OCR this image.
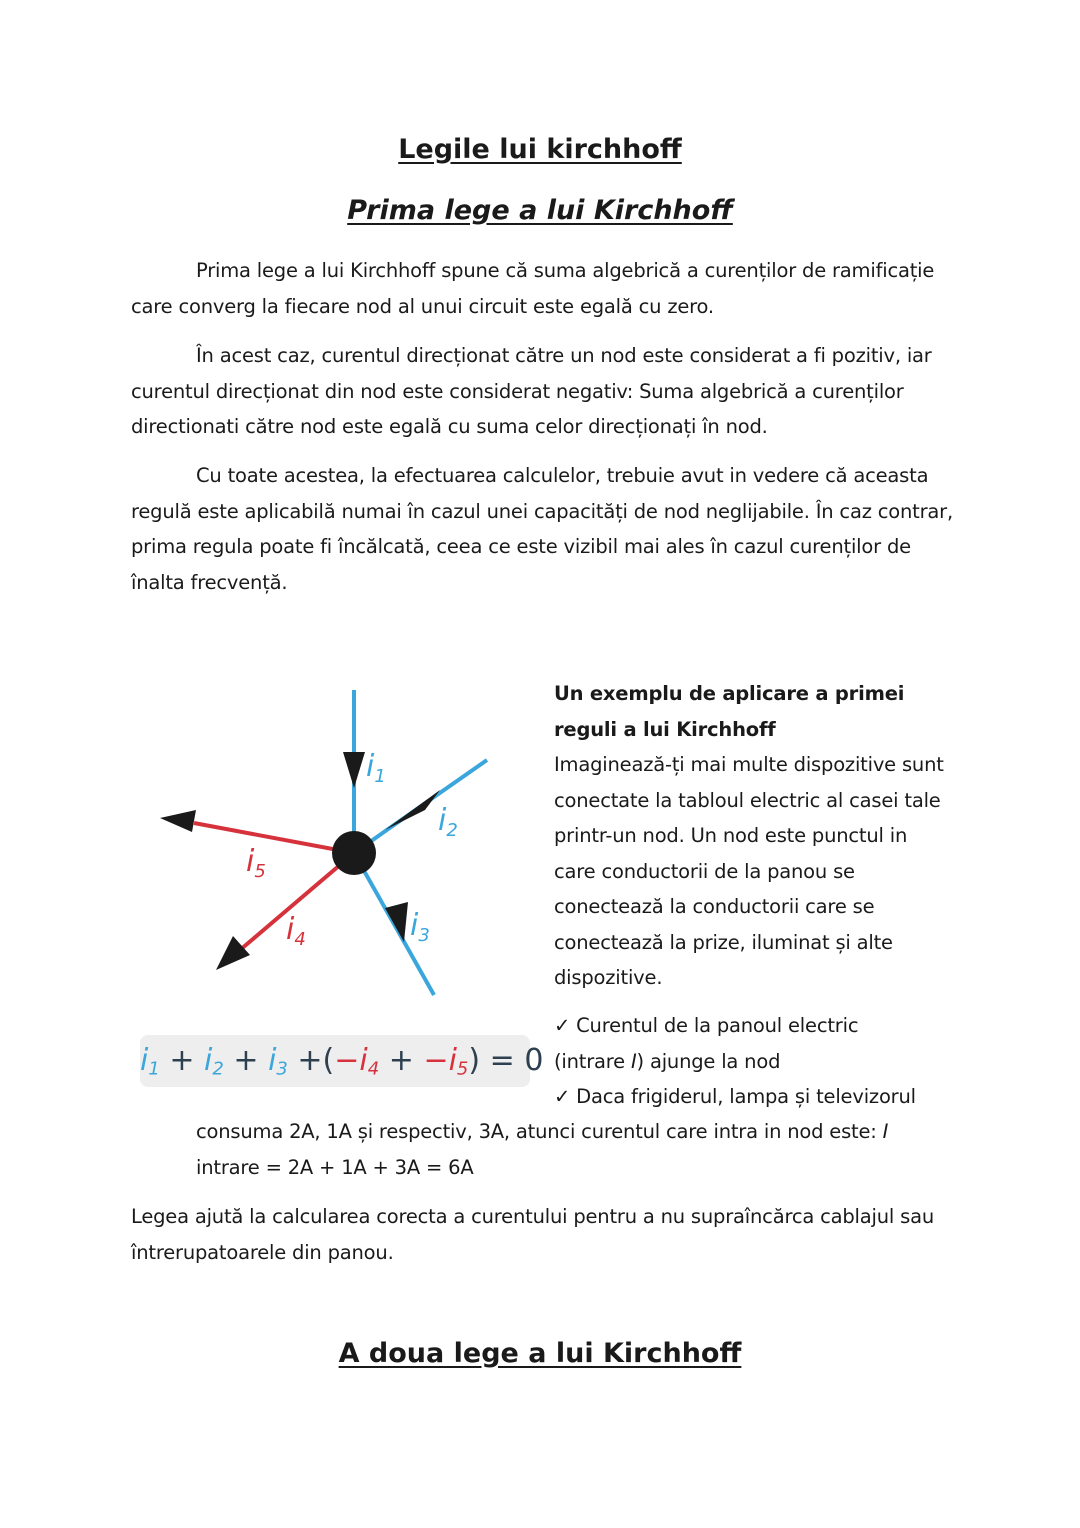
Legile lui kirchhoff
Prima lege a lui Kirchhoff

Prima lege a lui Kirchhoff spune că suma algebrică a curenților de ramificație care converg la fiecare nod al unui circuit este egală cu zero.

În acest caz, curentul direcționat către un nod este considerat a fi pozitiv, iar curentul direcționat din nod este considerat negativ: Suma algebrică a curenților directionati către nod este egală cu suma celor direcționați în nod.

Cu toate acestea, la efectuarea calculelor, trebuie avut in vedere că aceasta regulă este aplicabilă numai în cazul unei capacități de nod neglijabile. În caz contrar, prima regula poate fi încălcată, ceea ce este vizibil mai ales în cazul curenților de înalta frecvență.

$i_1$
$i_2$
$i_3$
$i_4$
$i_5$
$i_1 + i_2 + i_3 +(-i_4 + -i_5) = 0$
Un exemplu de aplicare a primei reguli a lui Kirchhoff
Imaginează-ți mai multe dispozitive sunt conectate la tabloul electric al casei tale printr-un nod. Un nod este punctul in care conductorii de la panou se conectează la conductorii care se conectează la prize, iluminat și alte dispozitive.
✓ Curentul de la panoul electric
(intrare I) ajunge la nod
✓ Daca frigiderul, lampa și televizorul
consuma 2A, 1A și respectiv, 3A, atunci curentul care intra in nod este: I
intrare = 2A + 1A + 3A = 6A

Legea ajută la calcularea corecta a curentului pentru a nu supraîncărca cablajul sau întrerupatoarele din panou.

A doua lege a lui Kirchhoff
